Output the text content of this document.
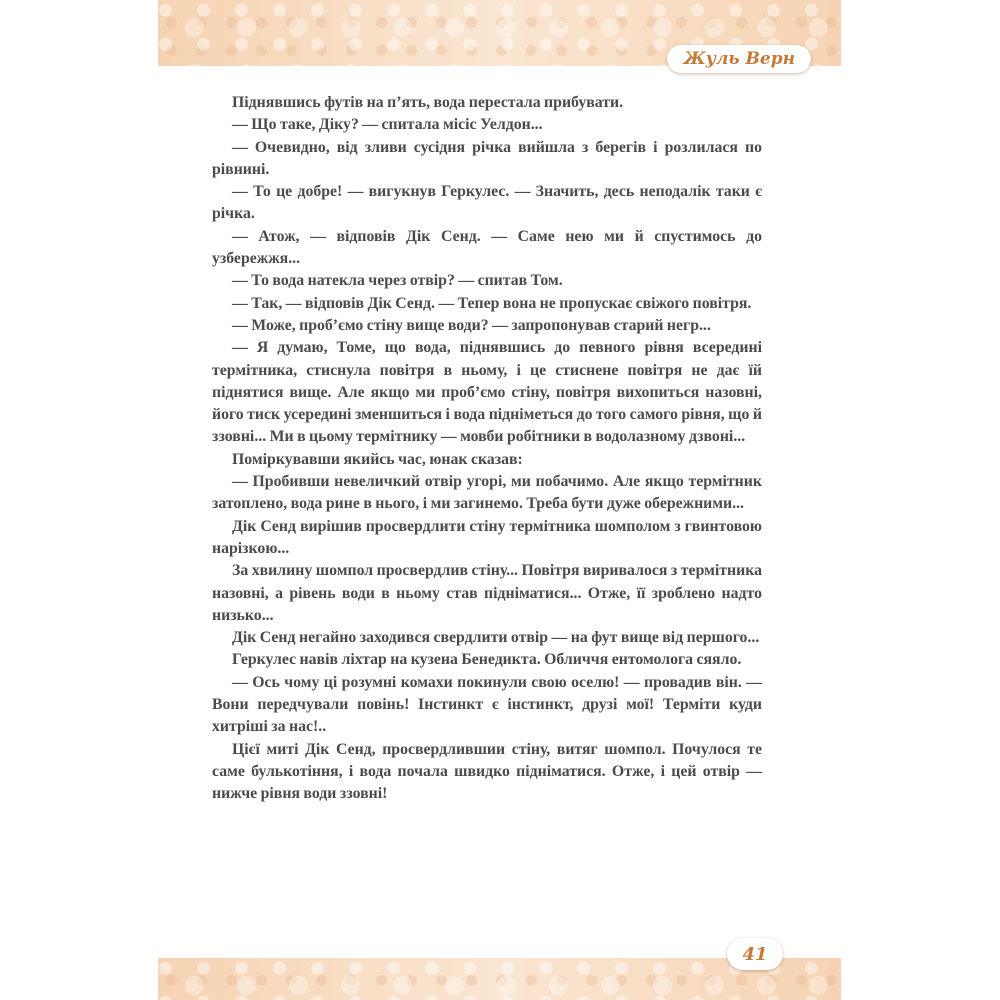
Жуль Верн

Піднявшись футів на п’ять, вода перестала прибувати.

— Що таке, Діку? — спитала місіс Уелдон...

— Очевидно, від зливи сусідня річка вийшла з берегів і розлилася по рівнині.

— То це добре! — вигукнув Геркулес. — Значить, десь неподалік таки є річка.

— Атож, — відповів Дік Сенд. — Саме нею ми й спустимось до узбережжя...

— То вода натекла через отвір? — спитав Том.

— Так, — відповів Дік Сенд. — Тепер вона не пропускає свіжого повітря.

— Може, проб’ємо стіну вище води? — запропонував старий негр...

— Я думаю, Томе, що вода, піднявшись до певного рівня всередині термітника, стиснула повітря в ньому, і це стиснене повітря не дає їй піднятися вище. Але якщо ми проб’ємо стіну, повітря вихопиться назовні, його тиск усередині зменшиться і вода підніметься до того самого рівня, що й ззовні... Ми в цьому термітнику — мовби робітники в водолазному дзвоні...

Поміркувавши якийсь час, юнак сказав:

— Пробивши невеличкий отвір угорі, ми побачимо. Але якщо термітник затоплено, вода рине в нього, і ми загинемо. Треба бути дуже обережними...

Дік Сенд вирішив просвердлити стіну термітника шомполом з гвинтовою нарізкою...

За хвилину шомпол просвердлив стіну... Повітря виривалося з термітника назовні, а рівень води в ньому став підніматися... Отже, її зроблено надто низько...

Дік Сенд негайно заходився свердлити отвір — на фут вище від першого...

Геркулес навів ліхтар на кузена Бенедикта. Обличчя ентомолога сяяло.

— Ось чому ці розумні комахи покинули свою оселю! — провадив він. — Вони передчували повінь! Інстинкт є інстинкт, друзі мої! Терміти куди хитріші за нас!..

Цієї миті Дік Сенд, просвердлившии стіну, витяг шомпол. Почулося те саме булькотіння, і вода почала швидко підніматися. Отже, і цей отвір — нижче рівня води ззовні!

41
